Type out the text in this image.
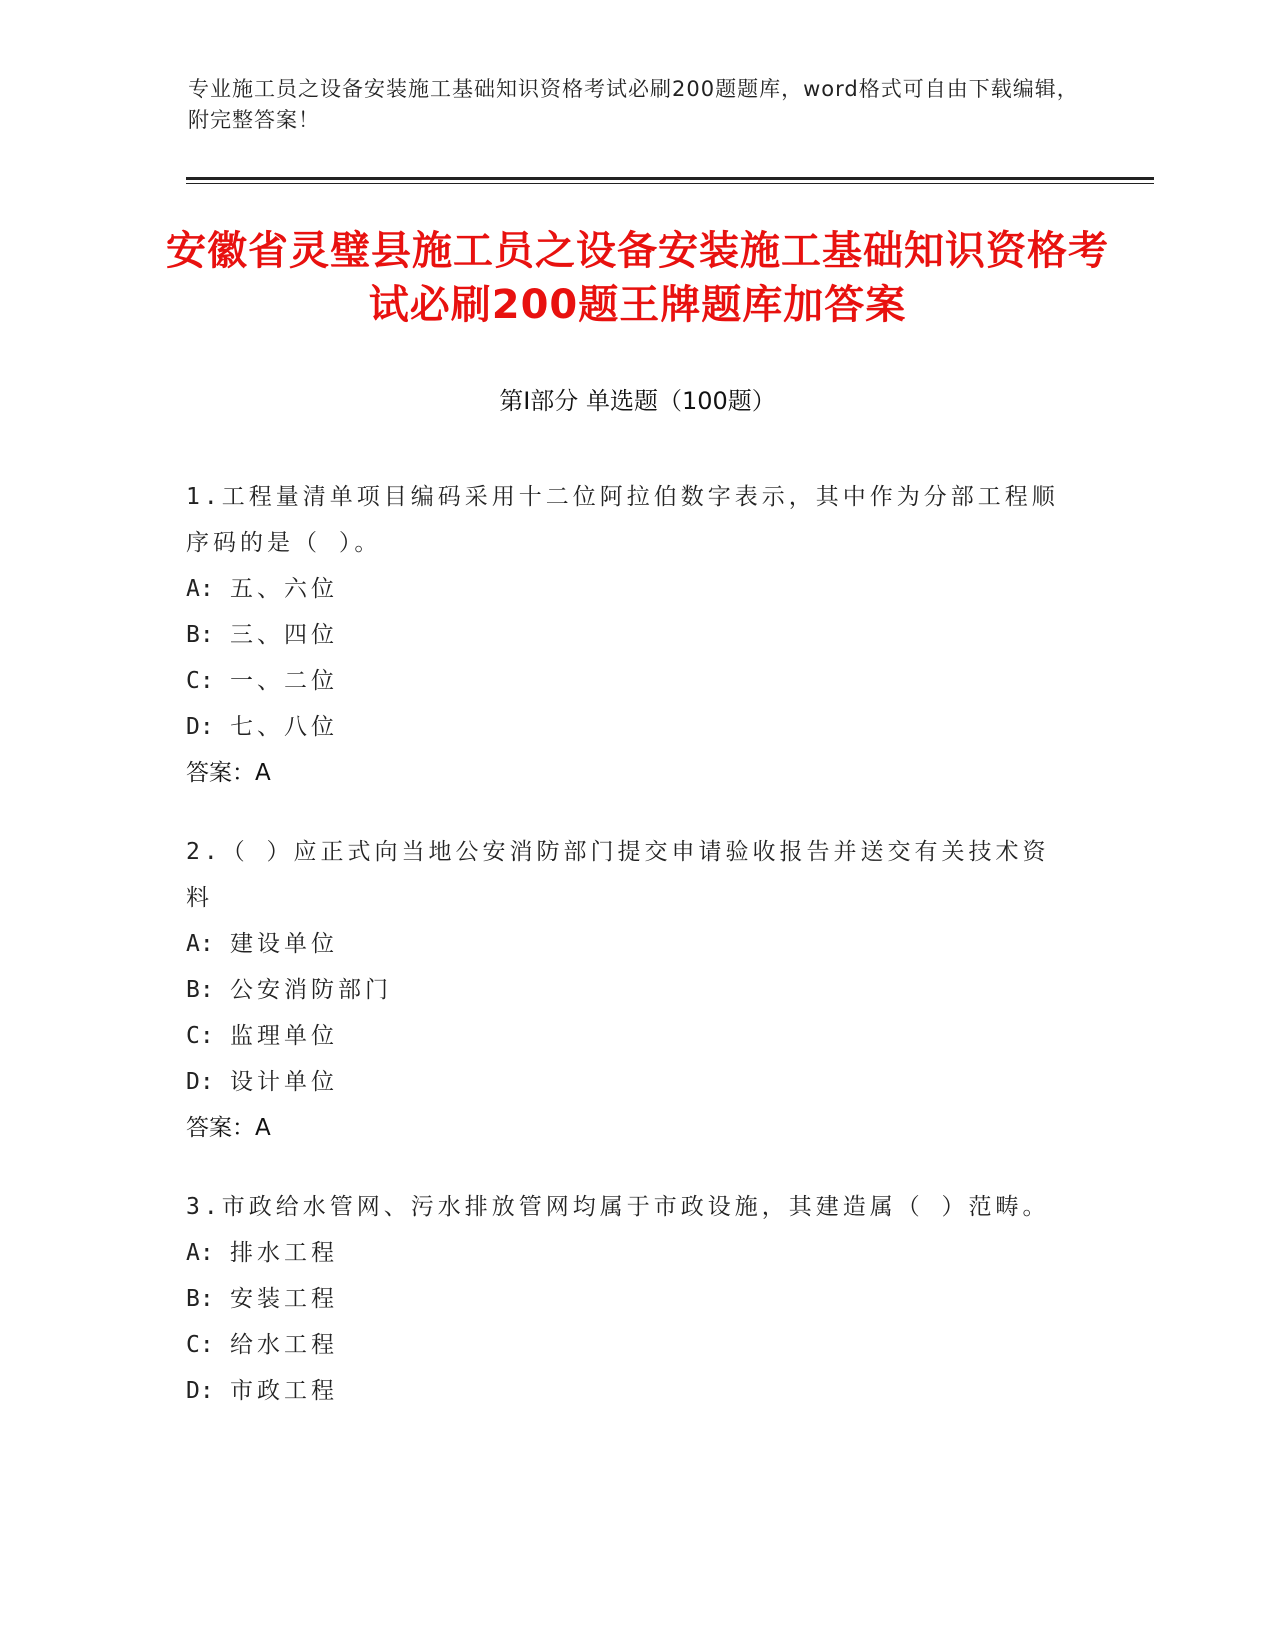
专业施工员之设备安装施工基础知识资格考试必刷200题题库，word格式可自由下载编辑，附完整答案！
安徽省灵璧县施工员之设备安装施工基础知识资格考试必刷200题王牌题库加答案
第Ⅰ部分 单选题（100题）

1.工程量清单项目编码采用十二位阿拉伯数字表示，其中作为分部工程顺序码的是（ ）。

A: 五、六位

B: 三、四位

C: 一、二位

D: 七、八位

答案：A

2.（ ）应正式向当地公安消防部门提交申请验收报告并送交有关技术资料

A: 建设单位

B: 公安消防部门

C: 监理单位

D: 设计单位

答案：A

3.市政给水管网、污水排放管网均属于市政设施，其建造属（ ）范畴。

A: 排水工程

B: 安装工程

C: 给水工程

D: 市政工程
